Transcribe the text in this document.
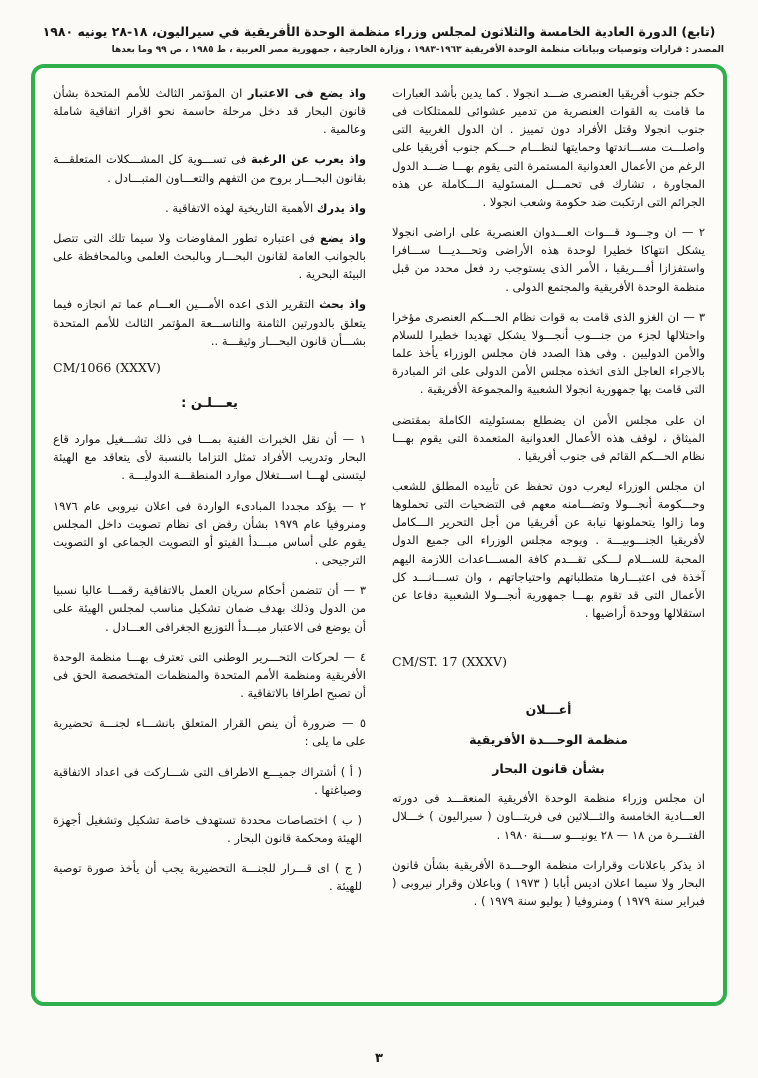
(تابع) الدورة العادية الخامسة والثلاثون لمجلس وزراء منظمة الوحدة الأفريقية في سيراليون، ١٨-٢٨ يونيه ١٩٨٠
المصدر : قرارات وتوصيات وبيانات منظمة الوحدة الأفريقية ١٩٦٣-١٩٨٣ ، وزارة الخارجية ، جمهورية مصر العربية ، ط ١٩٨٥ ، ص ٩٩ وما بعدها

حكم جنوب أفريقيا العنصرى ضـــد انجولا . كما يدين بأشد العبارات ما قامت به القوات العنصرية من تدمير عشوائى للممتلكات فى جنوب انجولا وقتل الأفراد دون تمييز . ان الدول الغربية التى واصلـــت مســـاندتها وحمايتها لنظـــام حـــكم جنوب أفريقيا على الرغم من الأعمال العدوانية المستمرة التى يقوم بهـــا ضـــد الدول المجاورة ، تشارك فى تحمـــل المسئولية الـــكاملة عن هذه الجرائم التى ارتكبت ضد حكومة وشعب انجولا .

٢ — ان وجـــود قـــوات العـــدوان العنصرية على اراضى انجولا يشكل انتهاكا خطيرا لوحدة هذه الأراضى وتحـــديـــا ســـافرا واستفزازا أفـــريقيا ، الأمر الذى يستوجب رد فعل محدد من قبل منظمة الوحدة الأفريقية والمجتمع الدولى .

٣ — ان الغزو الذى قامت به قوات نظام الحـــكم العنصرى مؤخرا واحتلالها لجزء من جنـــوب أنجـــولا يشكل تهديدا خطيرا للسلام والأمن الدوليين . وفى هذا الصدد فان مجلس الوزراء يأخذ علما بالاجراء العاجل الذى اتخذه مجلس الأمن الدولى على اثر المبادرة التى قامت بها جمهورية انجولا الشعبية والمجموعة الأفريقية .

ان على مجلس الأمن ان يضطلع بمسئوليته الكاملة بمقتضى الميثاق ، لوقف هذه الأعمال العدوانية المتعمدة التى يقوم بهـــا نظام الحـــكم القائم فى جنوب أفريقيا .

ان مجلس الوزراء ليعرب دون تحفظ عن تأييده المطلق للشعب وحـــكومة أنجـــولا وتضـــامنه معهم فى التضحيات التى تحملوها وما زالوا يتحملونها نيابة عن أفريقيا من أجل التحرير الـــكامل لأفريقيا الجنـــوبيـــة . ويوجه مجلس الوزراء الى جميع الدول المحبة للســـلام لـــكى تقـــدم كافة المســـاعدات اللازمة اليهم آخذة فى اعتبـــارها متطلباتهم واحتياجاتهم ، وان تســـانـــد كل الأعمال التى قد تقوم بهـــا جمهورية أنجـــولا الشعبية دفاعا عن استقلالها ووحدة أراضيها .

CM/ST. 17 (XXXV)
أعـــلان
منظمة الوحـــدة الأفريقية
بشأن قانون البحار

ان مجلس وزراء منظمة الوحدة الأفريقية المنعقـــد فى دورته العـــادية الخامسة والثـــلاثين فى فريتـــاون ( سيراليون ) خـــلال الفتـــرة من ١٨ — ٢٨ يونيـــو ســـنة ١٩٨٠ .

اذ يذكر باعلانات وقرارات منظمة الوحـــدة الأفريقية بشأن قانون البحار ولا سيما اعلان اديس أبابا ( ١٩٧٣ ) وباعلان وقرار نيروبى ( فبراير سنة ١٩٧٩ ) ومنروفيا ( يوليو سنة ١٩٧٩ ) .

واذ يضع فى الاعتبار ان المؤتمر الثالث للأمم المتحدة بشأن قانون البحار قد دخل مرحلة حاسمة نحو اقرار اتفاقية شاملة وعالمية .

واذ يعرب عن الرغبة فى تســـوية كل المشـــكلات المتعلقـــة بقانون البحـــار بروح من التفهم والتعـــاون المتبـــادل .

واذ يدرك الأهمية التاريخية لهذه الاتفاقية .

واذ يضع فى اعتباره تطور المفاوضات ولا سيما تلك التى تتصل بالجوانب العامة لقانون البحـــار وبالبحث العلمى وبالمحافظة على البيئة البحرية .

واذ بحث التقرير الذى اعده الأمـــين العـــام عما تم انجازه فيما يتعلق بالدورتين الثامنة والتاســـعة المؤتمر الثالث للأمم المتحدة بشـــأن قانون البحـــار وثيقـــة ..

CM/1066 (XXXV)
يعـــلـن :

١ — أن نقل الخبرات الفنية بمـــا فى ذلك تشـــغيل موارد قاع البحار وتدريب الأفراد تمثل التزاما بالنسبة لأى يتعاقد مع الهيئة ليتسنى لهـــا اســـتغلال موارد المنطقـــة الدوليـــة .

٢ — يؤكد مجددا المبادىء الواردة فى اعلان نيروبى عام ١٩٧٦ ومنروفيا عام ١٩٧٩ بشأن رفض اى نظام تصويت داخل المجلس يقوم على أساس مبـــدأ الفيتو أو التصويت الجماعى او التصويت الترجيحى .

٣ — أن تتضمن أحكام سريان العمل بالاتفاقية رقمـــا عاليا نسبيا من الدول وذلك بهدف ضمان تشكيل مناسب لمجلس الهيئة على أن يوضع فى الاعتبار مبـــدأ التوزيع الجغرافى العـــادل .

٤ — لحركات التحـــرير الوطنى التى تعترف بهـــا منظمة الوحدة الأفريقية ومنظمة الأمم المتحدة والمنظمات المتخصصة الحق فى أن تصبح اطرافا بالاتفاقية .

٥ — ضرورة أن ينص القرار المتعلق بانشـــاء لجنـــة تحضيرية على ما يلى :

( أ ) أشتراك جميـــع الاطراف التى شـــاركت فى اعداد الاتفاقية وصياغتها .

( ب ) اختصاصات محددة تستهدف خاصة تشكيل وتشغيل أجهزة الهيئة ومحكمة قانون البحار .

( ج ) اى قـــرار للجنـــة التحضيرية يجب أن يأخذ صورة توصية للهيئة .

٣
